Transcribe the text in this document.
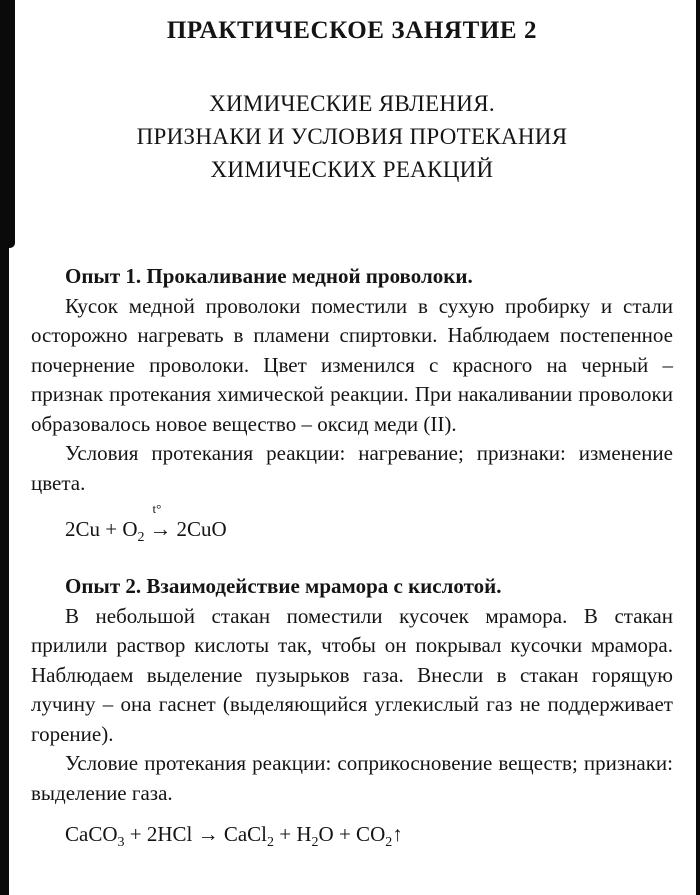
ПРАКТИЧЕСКОЕ ЗАНЯТИЕ 2
ХИМИЧЕСКИЕ ЯВЛЕНИЯ.
ПРИЗНАКИ И УСЛОВИЯ ПРОТЕКАНИЯ
ХИМИЧЕСКИХ РЕАКЦИЙ

Опыт 1. Прокаливание медной проволоки.

Кусок медной проволоки поместили в сухую пробирку и стали осторожно нагревать в пламени спиртовки. Наблюдаем постепенное почернение проволоки. Цвет изменился с красного на черный – признак протекания химической реакции. При накаливании проволоки образовалось новое вещество – оксид меди (II).

Условия протекания реакции: нагревание; признаки: изменение цвета.

$2Cu + O_2$
t°
→ 2CuO

Опыт 2. Взаимодействие мрамора с кислотой.

В небольшой стакан поместили кусочек мрамора. В стакан прилили раствор кислоты так, чтобы он покрывал кусочки мрамора. Наблюдаем выделение пузырьков газа. Внесли в стакан горящую лучину – она гаснет (выделяющийся углекислый газ не поддерживает горение).

Условие протекания реакции: соприкосновение веществ; признаки: выделение газа.

CaCO$_3$ + 2HCl → CaCl$_2$ + $H_2O$ + $CO_2↑$
